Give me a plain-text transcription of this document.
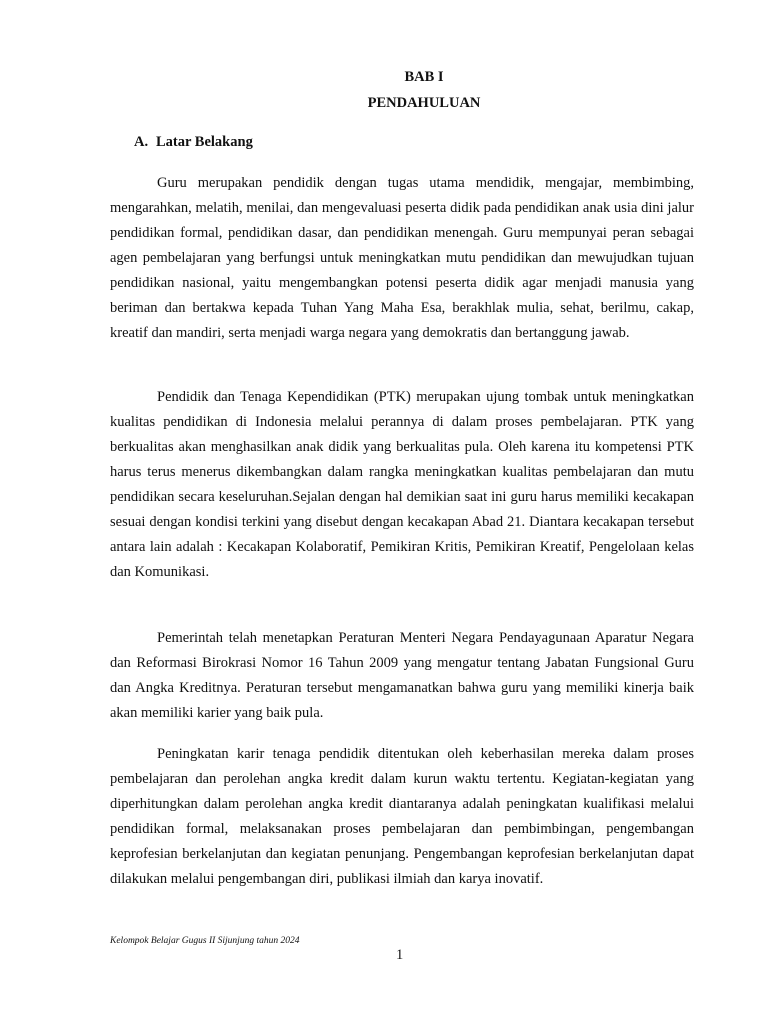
BAB I
PENDAHULUAN
A. Latar Belakang

Guru merupakan pendidik dengan tugas utama mendidik, mengajar, membimbing, mengarahkan, melatih, menilai, dan mengevaluasi peserta didik pada pendidikan anak usia dini jalur pendidikan formal, pendidikan dasar, dan pendidikan menengah. Guru mempunyai peran sebagai agen pembelajaran yang berfungsi untuk meningkatkan mutu pendidikan dan mewujudkan tujuan pendidikan nasional, yaitu mengembangkan potensi peserta didik agar menjadi manusia yang beriman dan bertakwa kepada Tuhan Yang Maha Esa, berakhlak mulia, sehat, berilmu, cakap, kreatif dan mandiri, serta menjadi warga negara yang demokratis dan bertanggung jawab.

Pendidik dan Tenaga Kependidikan (PTK) merupakan ujung tombak untuk meningkatkan kualitas pendidikan di Indonesia melalui perannya di dalam proses pembelajaran. PTK yang berkualitas akan menghasilkan anak didik yang berkualitas pula. Oleh karena itu kompetensi PTK harus terus menerus dikembangkan dalam rangka meningkatkan kualitas pembelajaran dan mutu pendidikan secara keseluruhan.Sejalan dengan hal demikian saat ini guru harus memiliki kecakapan sesuai dengan kondisi terkini yang disebut dengan kecakapan Abad 21. Diantara kecakapan tersebut antara lain adalah : Kecakapan Kolaboratif, Pemikiran Kritis, Pemikiran Kreatif, Pengelolaan kelas dan Komunikasi.

Pemerintah telah menetapkan Peraturan Menteri Negara Pendayagunaan Aparatur Negara dan Reformasi Birokrasi Nomor 16 Tahun 2009 yang mengatur tentang Jabatan Fungsional Guru dan Angka Kreditnya. Peraturan tersebut mengamanatkan bahwa guru yang memiliki kinerja baik akan memiliki karier yang baik pula.

Peningkatan karir tenaga pendidik ditentukan oleh keberhasilan mereka dalam proses pembelajaran dan perolehan angka kredit dalam kurun waktu tertentu. Kegiatan-kegiatan yang diperhitungkan dalam perolehan angka kredit diantaranya adalah peningkatan kualifikasi melalui pendidikan formal, melaksanakan proses pembelajaran dan pembimbingan, pengembangan keprofesian berkelanjutan dan kegiatan penunjang. Pengembangan keprofesian berkelanjutan dapat dilakukan melalui pengembangan diri, publikasi ilmiah dan karya inovatif.

Kelompok Belajar Gugus II Sijunjung tahun 2024
1
